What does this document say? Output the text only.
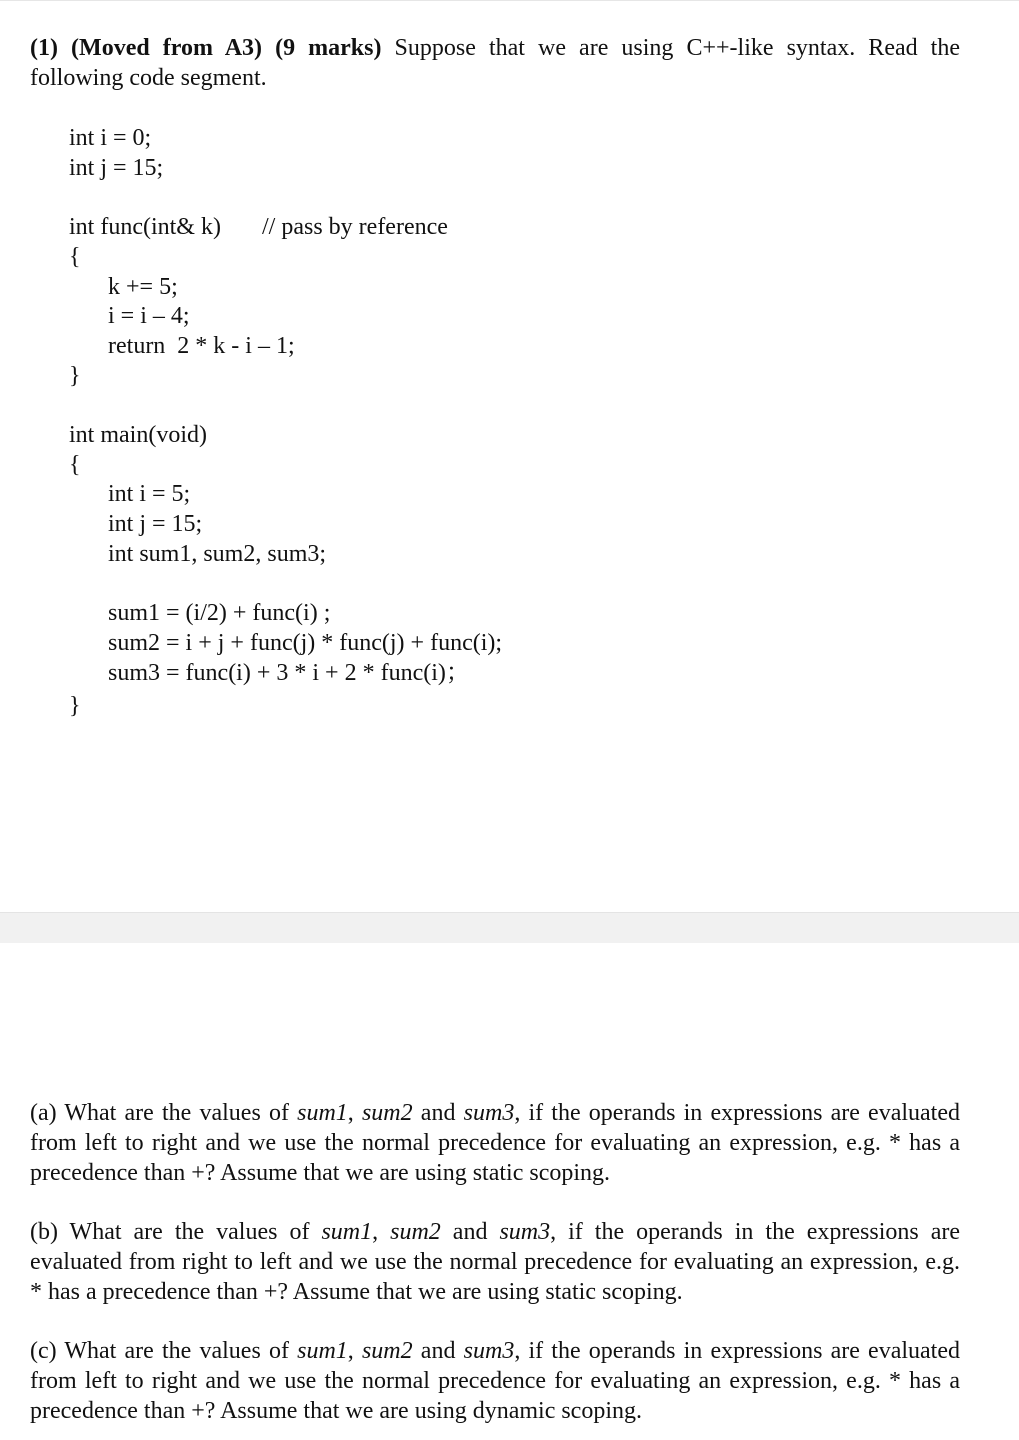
(1) (Moved from A3) (9 marks) Suppose that we are using C++-like syntax. Read the following code segment.

int i = 0;
int j = 15;
int func(int& k) // pass by reference
{
k += 5;
i = i – 4;
return  2 * k - i – 1;
}
int main(void)
{
int i = 5;
int j = 15;
int sum1, sum2, sum3;
sum1 = (i/2) + func(i) ;
sum2 = i + j + func(j) * func(j) + func(i);
sum3 = func(i) + 3 * i + 2 * func(i)；
}

(a) What are the values of sum1, sum2 and sum3, if the operands in expressions are evaluated from left to right and we use the normal precedence for evaluating an expression, e.g. * has a precedence than +? Assume that we are using static scoping.

(b) What are the values of sum1, sum2 and sum3, if the operands in the expressions are evaluated from right to left and we use the normal precedence for evaluating an expression, e.g. * has a precedence than +? Assume that we are using static scoping.

(c) What are the values of sum1, sum2 and sum3, if the operands in expressions are evaluated from left to right and we use the normal precedence for evaluating an expression, e.g. * has a precedence than +? Assume that we are using dynamic scoping.
